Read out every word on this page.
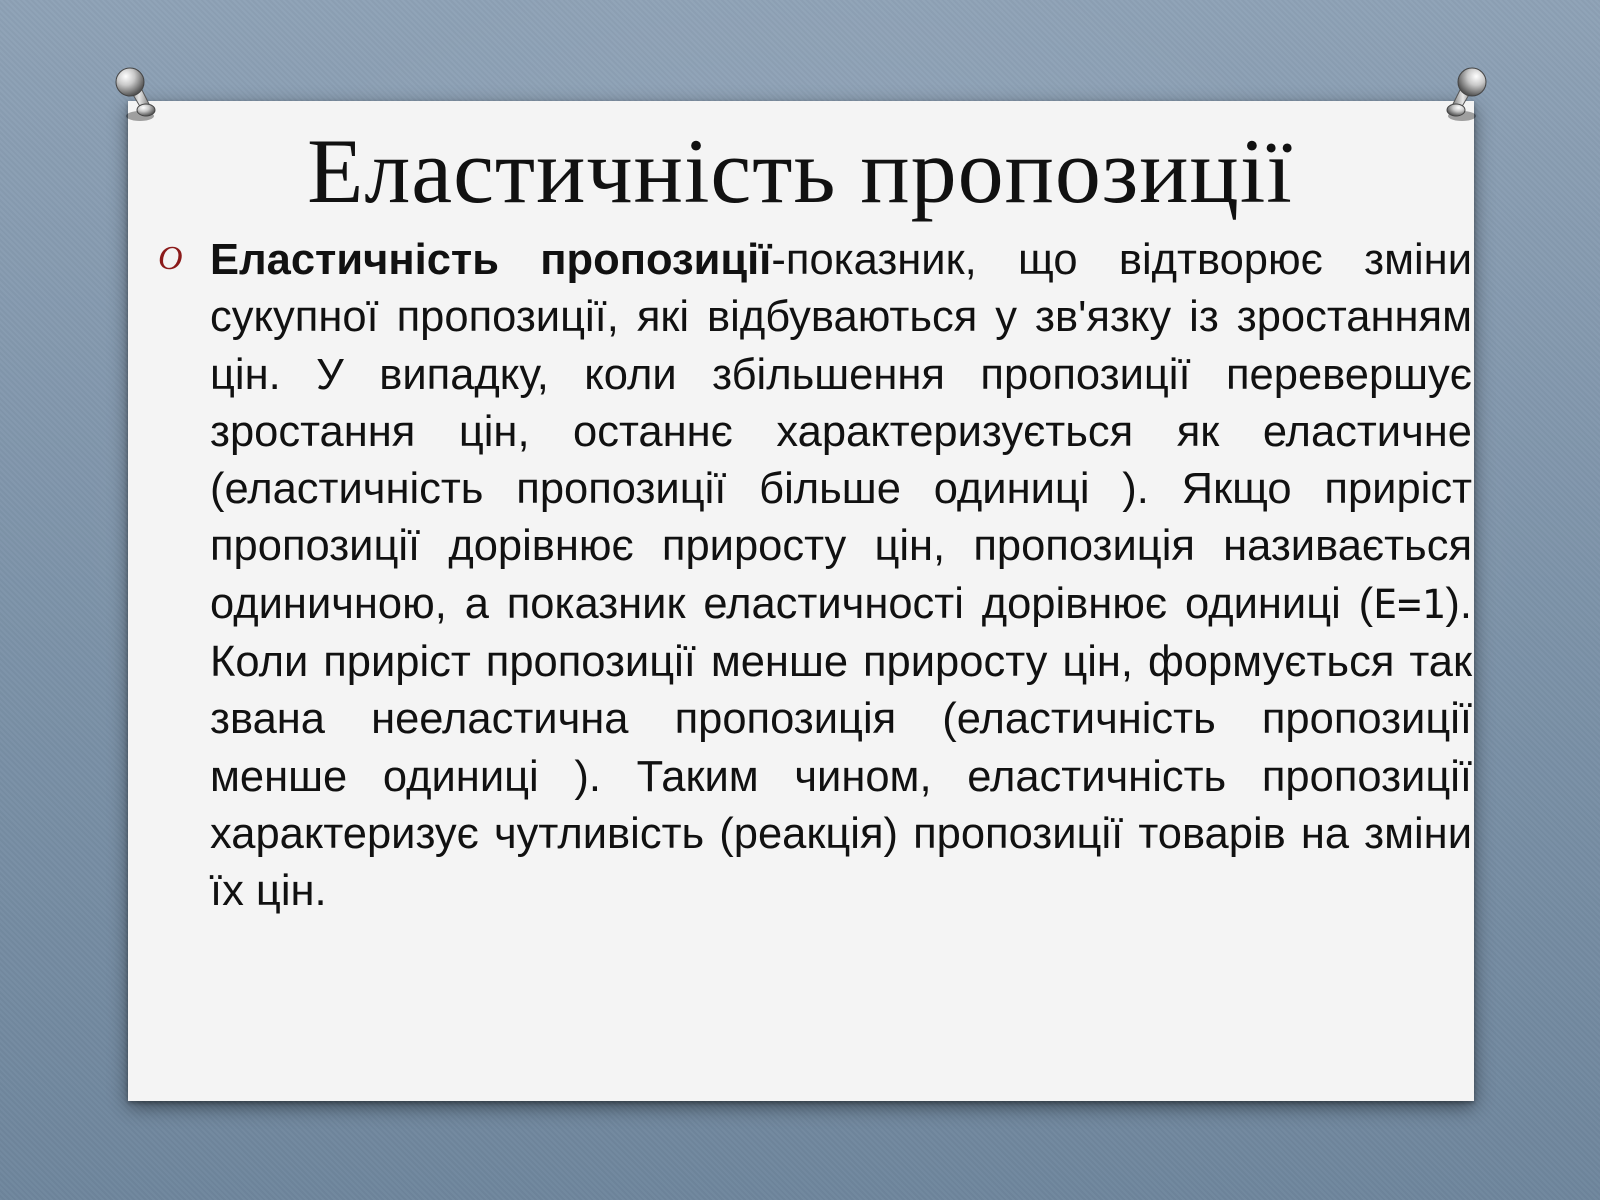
Еластичність пропозиції
O Еластичність пропозиції-показник, що відтворює зміни сукупної пропозиції, які відбуваються у зв'язку із зростанням цін. У випадку, коли збільшення пропозиції перевершує зростання цін, останнє характеризується як еластичне (еластичність пропозиції більше одиниці ). Якщо приріст пропозиції дорівнює приросту цін, пропозиція називається одиничною, а показник еластичності дорівнює одиниці (E=1). Коли приріст пропозиції менше приросту цін, формується так звана нееластична пропозиція (еластичність пропозиції менше одиниці ). Таким чином, еластичність пропозиції характеризує чутливість (реакція) пропозиції товарів на зміни їх цін.
